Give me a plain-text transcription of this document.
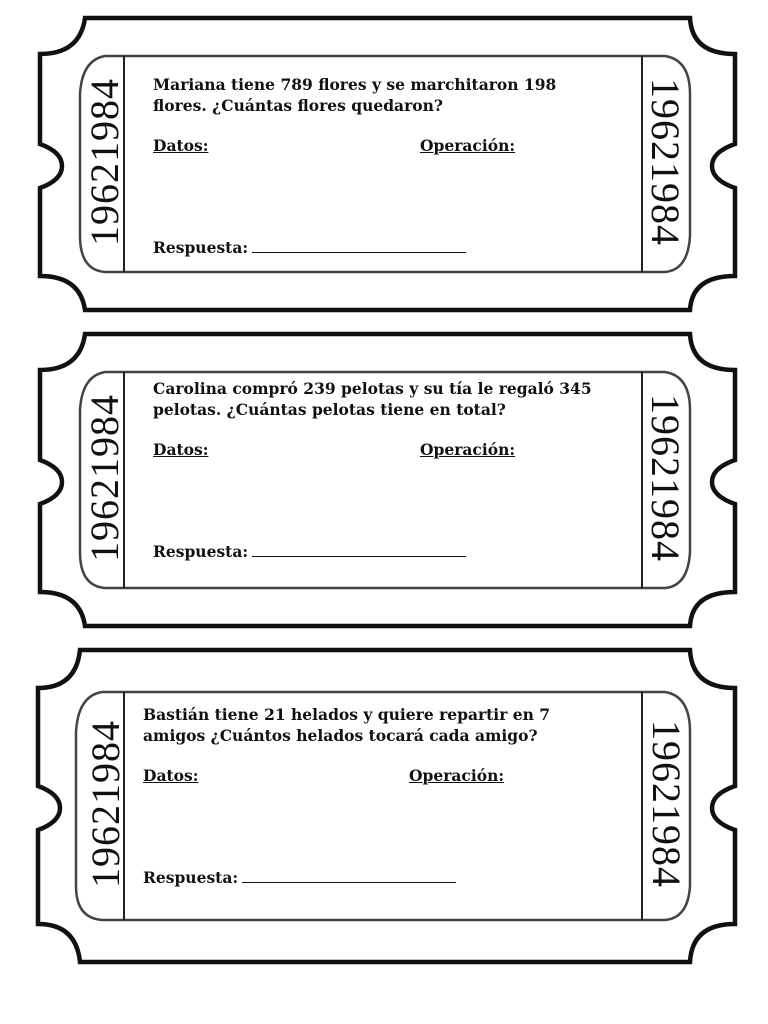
19621984	19621984

Mariana tiene 789 flores y se marchitaron 198 flores. ¿Cuántas flores quedaron?

Datos:	Operación:
Respuesta:
19621984	19621984

Carolina compró 239 pelotas y su tía le regaló 345 pelotas. ¿Cuántas pelotas tiene en total?

Datos:	Operación:
Respuesta:
19621984	19621984

Bastián tiene 21 helados y quiere repartir en 7 amigos ¿Cuántos helados tocará cada amigo?

Datos:	Operación:
Respuesta:
